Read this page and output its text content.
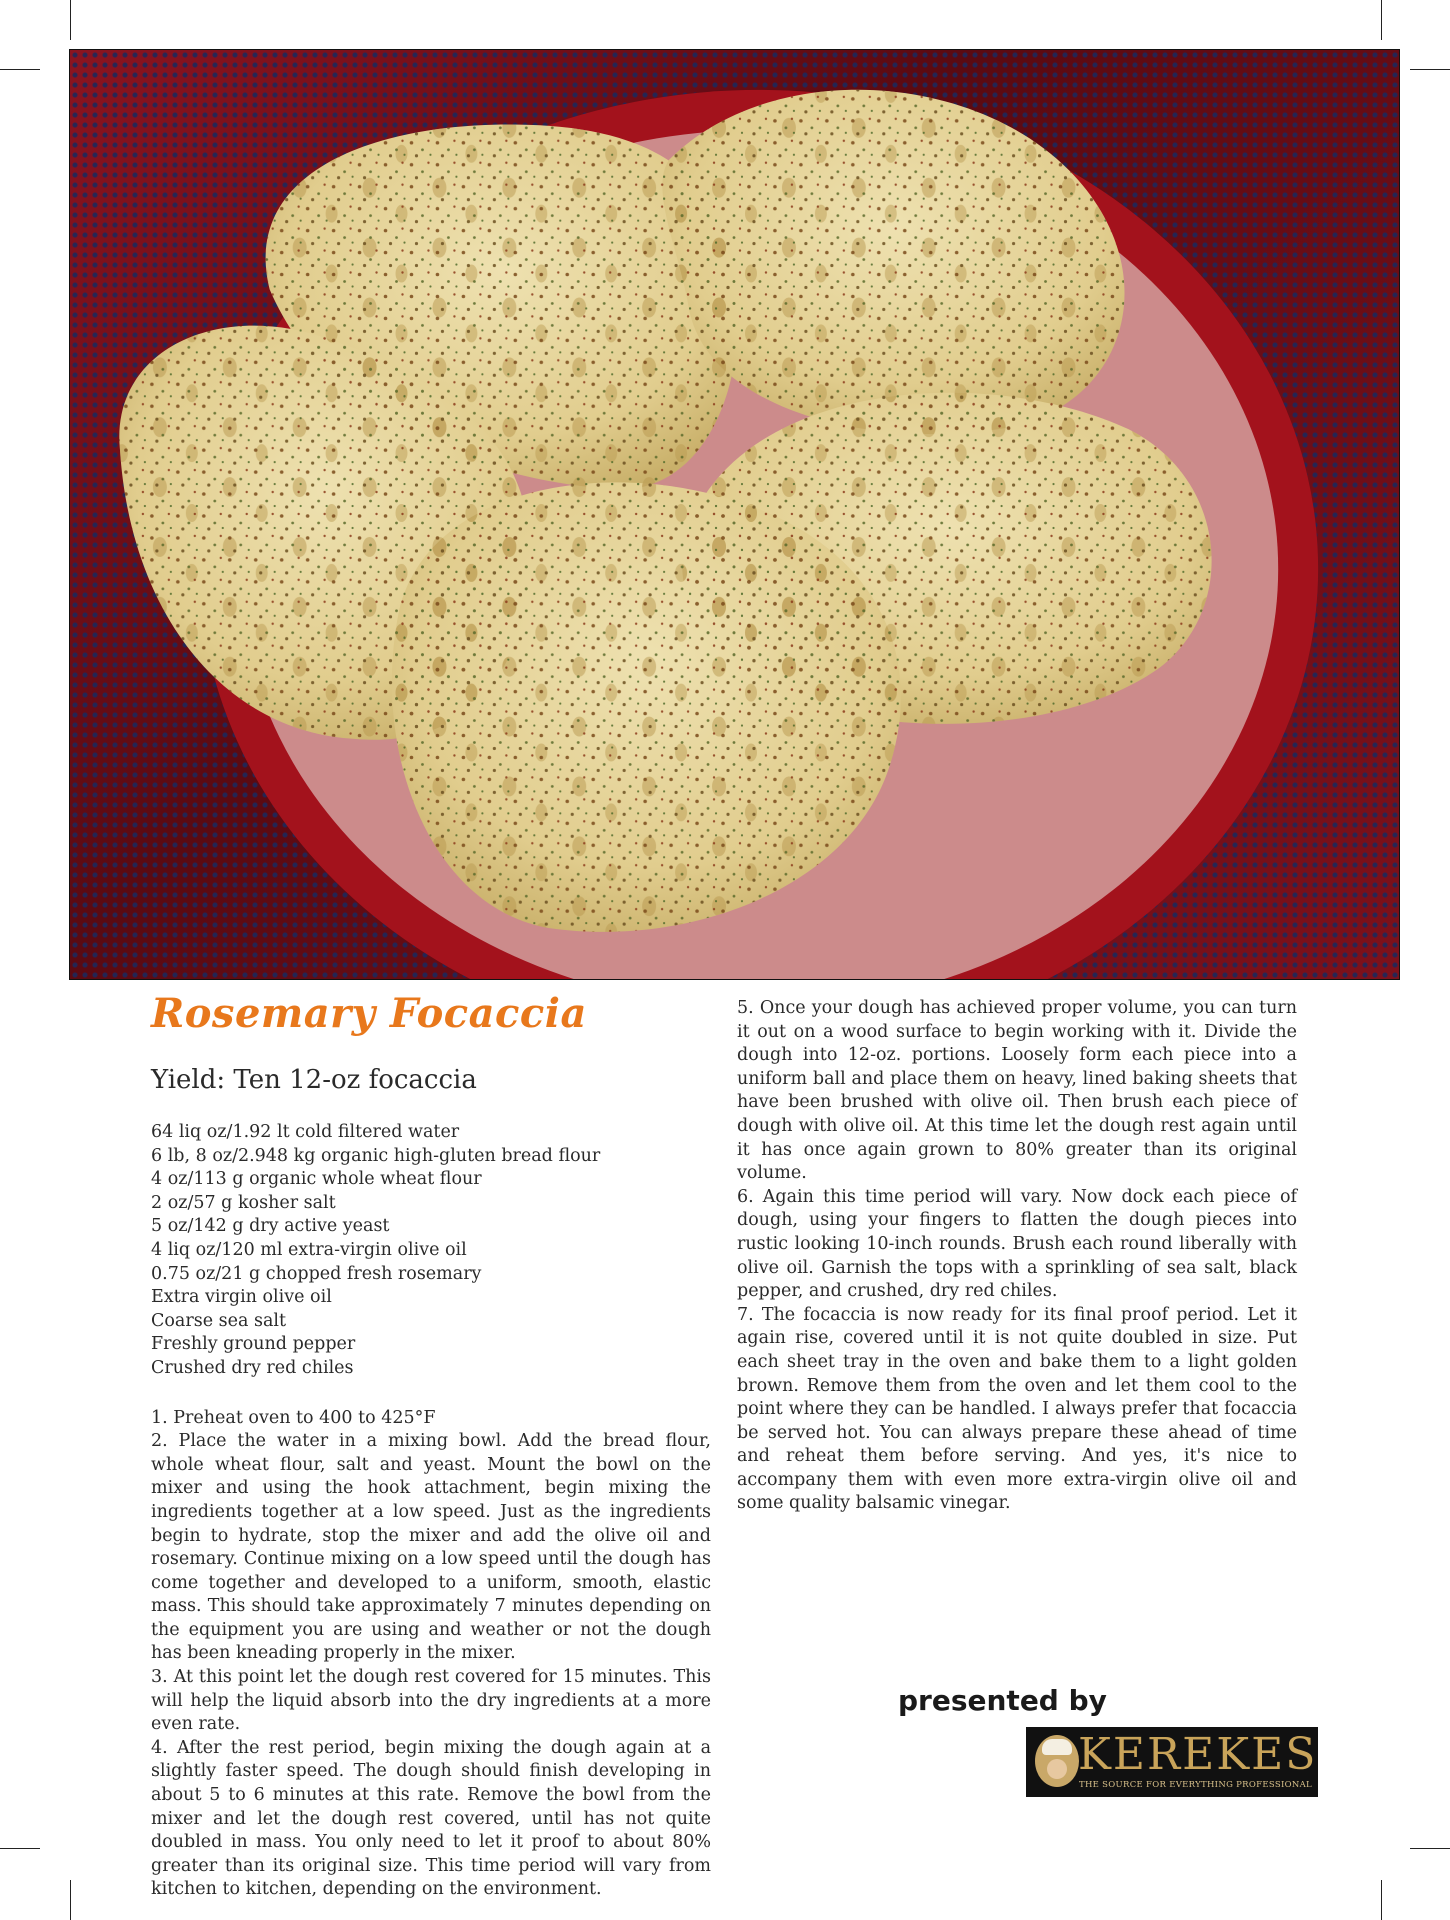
Rosemary Focaccia
Yield: Ten 12-oz focaccia
64 liq oz/1.92 lt cold filtered water
6 lb, 8 oz/2.948 kg organic high-gluten bread flour
4 oz/113 g organic whole wheat flour
2 oz/57 g kosher salt
5 oz/142 g dry active yeast
4 liq oz/120 ml extra-virgin olive oil
0.75 oz/21 g chopped fresh rosemary
Extra virgin olive oil
Coarse sea salt
Freshly ground pepper
Crushed dry red chiles

1. Preheat oven to 400 to 425°F

2. Place the water in a mixing bowl. Add the bread flour, whole wheat flour, salt and yeast. Mount the bowl on the mixer and using the hook attachment, begin mixing the ingredients together at a low speed. Just as the ingredients begin to hydrate, stop the mixer and add the olive oil and rosemary. Continue mixing on a low speed until the dough has come together and developed to a uniform, smooth, elastic mass. This should take approximately 7 minutes depending on the equipment you are using and weather or not the dough has been kneading properly in the mixer.

3. At this point let the dough rest covered for 15 minutes. This will help the liquid absorb into the dry ingredients at a more even rate.

4. After the rest period, begin mixing the dough again at a slightly faster speed. The dough should finish developing in about 5 to 6 minutes at this rate. Remove the bowl from the mixer and let the dough rest covered, until has not quite doubled in mass. You only need to let it proof to about 80% greater than its original size. This time period will vary from kitchen to kitchen, depending on the environment.

5. Once your dough has achieved proper volume, you can turn it out on a wood surface to begin working with it. Divide the dough into 12-oz. portions. Loosely form each piece into a uniform ball and place them on heavy, lined baking sheets that have been brushed with olive oil. Then brush each piece of dough with olive oil. At this time let the dough rest again until it has once again grown to 80% greater than its original volume.

6. Again this time period will vary. Now dock each piece of dough, using your fingers to flatten the dough pieces into rustic looking 10-inch rounds. Brush each round liberally with olive oil. Garnish the tops with a sprinkling of sea salt, black pepper, and crushed, dry red chiles.

7. The focaccia is now ready for its final proof period. Let it again rise, covered until it is not quite doubled in size. Put each sheet tray in the oven and bake them to a light golden brown. Remove them from the oven and let them cool to the point where they can be handled. I always prefer that focaccia be served hot. You can always prepare these ahead of time and reheat them before serving. And yes, it's nice to accompany them with even more extra-virgin olive oil and some quality balsamic vinegar.

presented by

KEREKES
THE SOURCE FOR EVERYTHING PROFESSIONAL
